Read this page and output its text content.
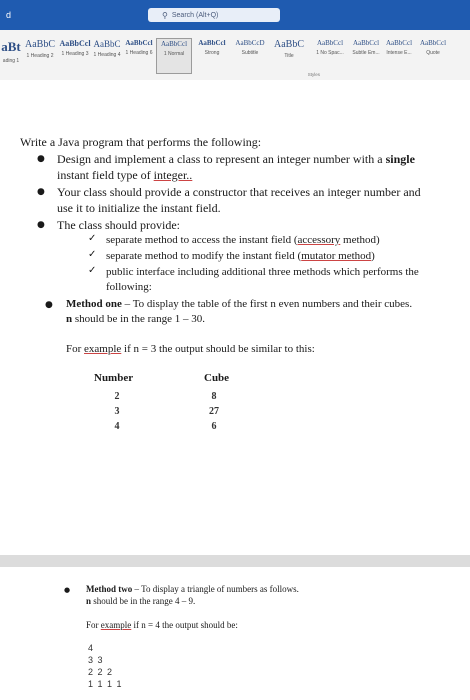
d	⚲ Search (Alt+Q)
aBt
ading 1
AaBbC
1 Heading 2
AaBbCcl
1 Heading 3
AaBbC
1 Heading 4
AaBbCcl
1 Heading 6
AaBbCcl
1 Normal
AaBbCcl
Strong
AaBbCcD
Subtitle
AaBbC
Title
AaBbCcl
1 No Spac...
AaBbCcl
Subtle Em...
AaBbCcl
Intense E...
AaBbCcl
Quote
Styles
Write a Java program that performs the following:
● Design and implement a class to represent an integer number with a single
instant field type of integer..
● Your class should provide a constructor that receives an integer number and
use it to initialize the instant field.
● The class should provide:
✓ separate method to access the instant field (accessory method)
✓ separate method to modify the instant field (mutator method)
✓ public interface including additional three methods which performs the
following:
● Method one – To display the table of the first n even numbers and their cubes.
n should be in the range 1 – 30.
For example if n = 3 the output should be similar to this:
Number	Cube
2	8
3	27
4	6
● Method two – To display a triangle of numbers as follows.
n should be in the range 4 – 9.
For example if n = 4 the output should be:
4
3 3
2 2 2
1 1 1 1
